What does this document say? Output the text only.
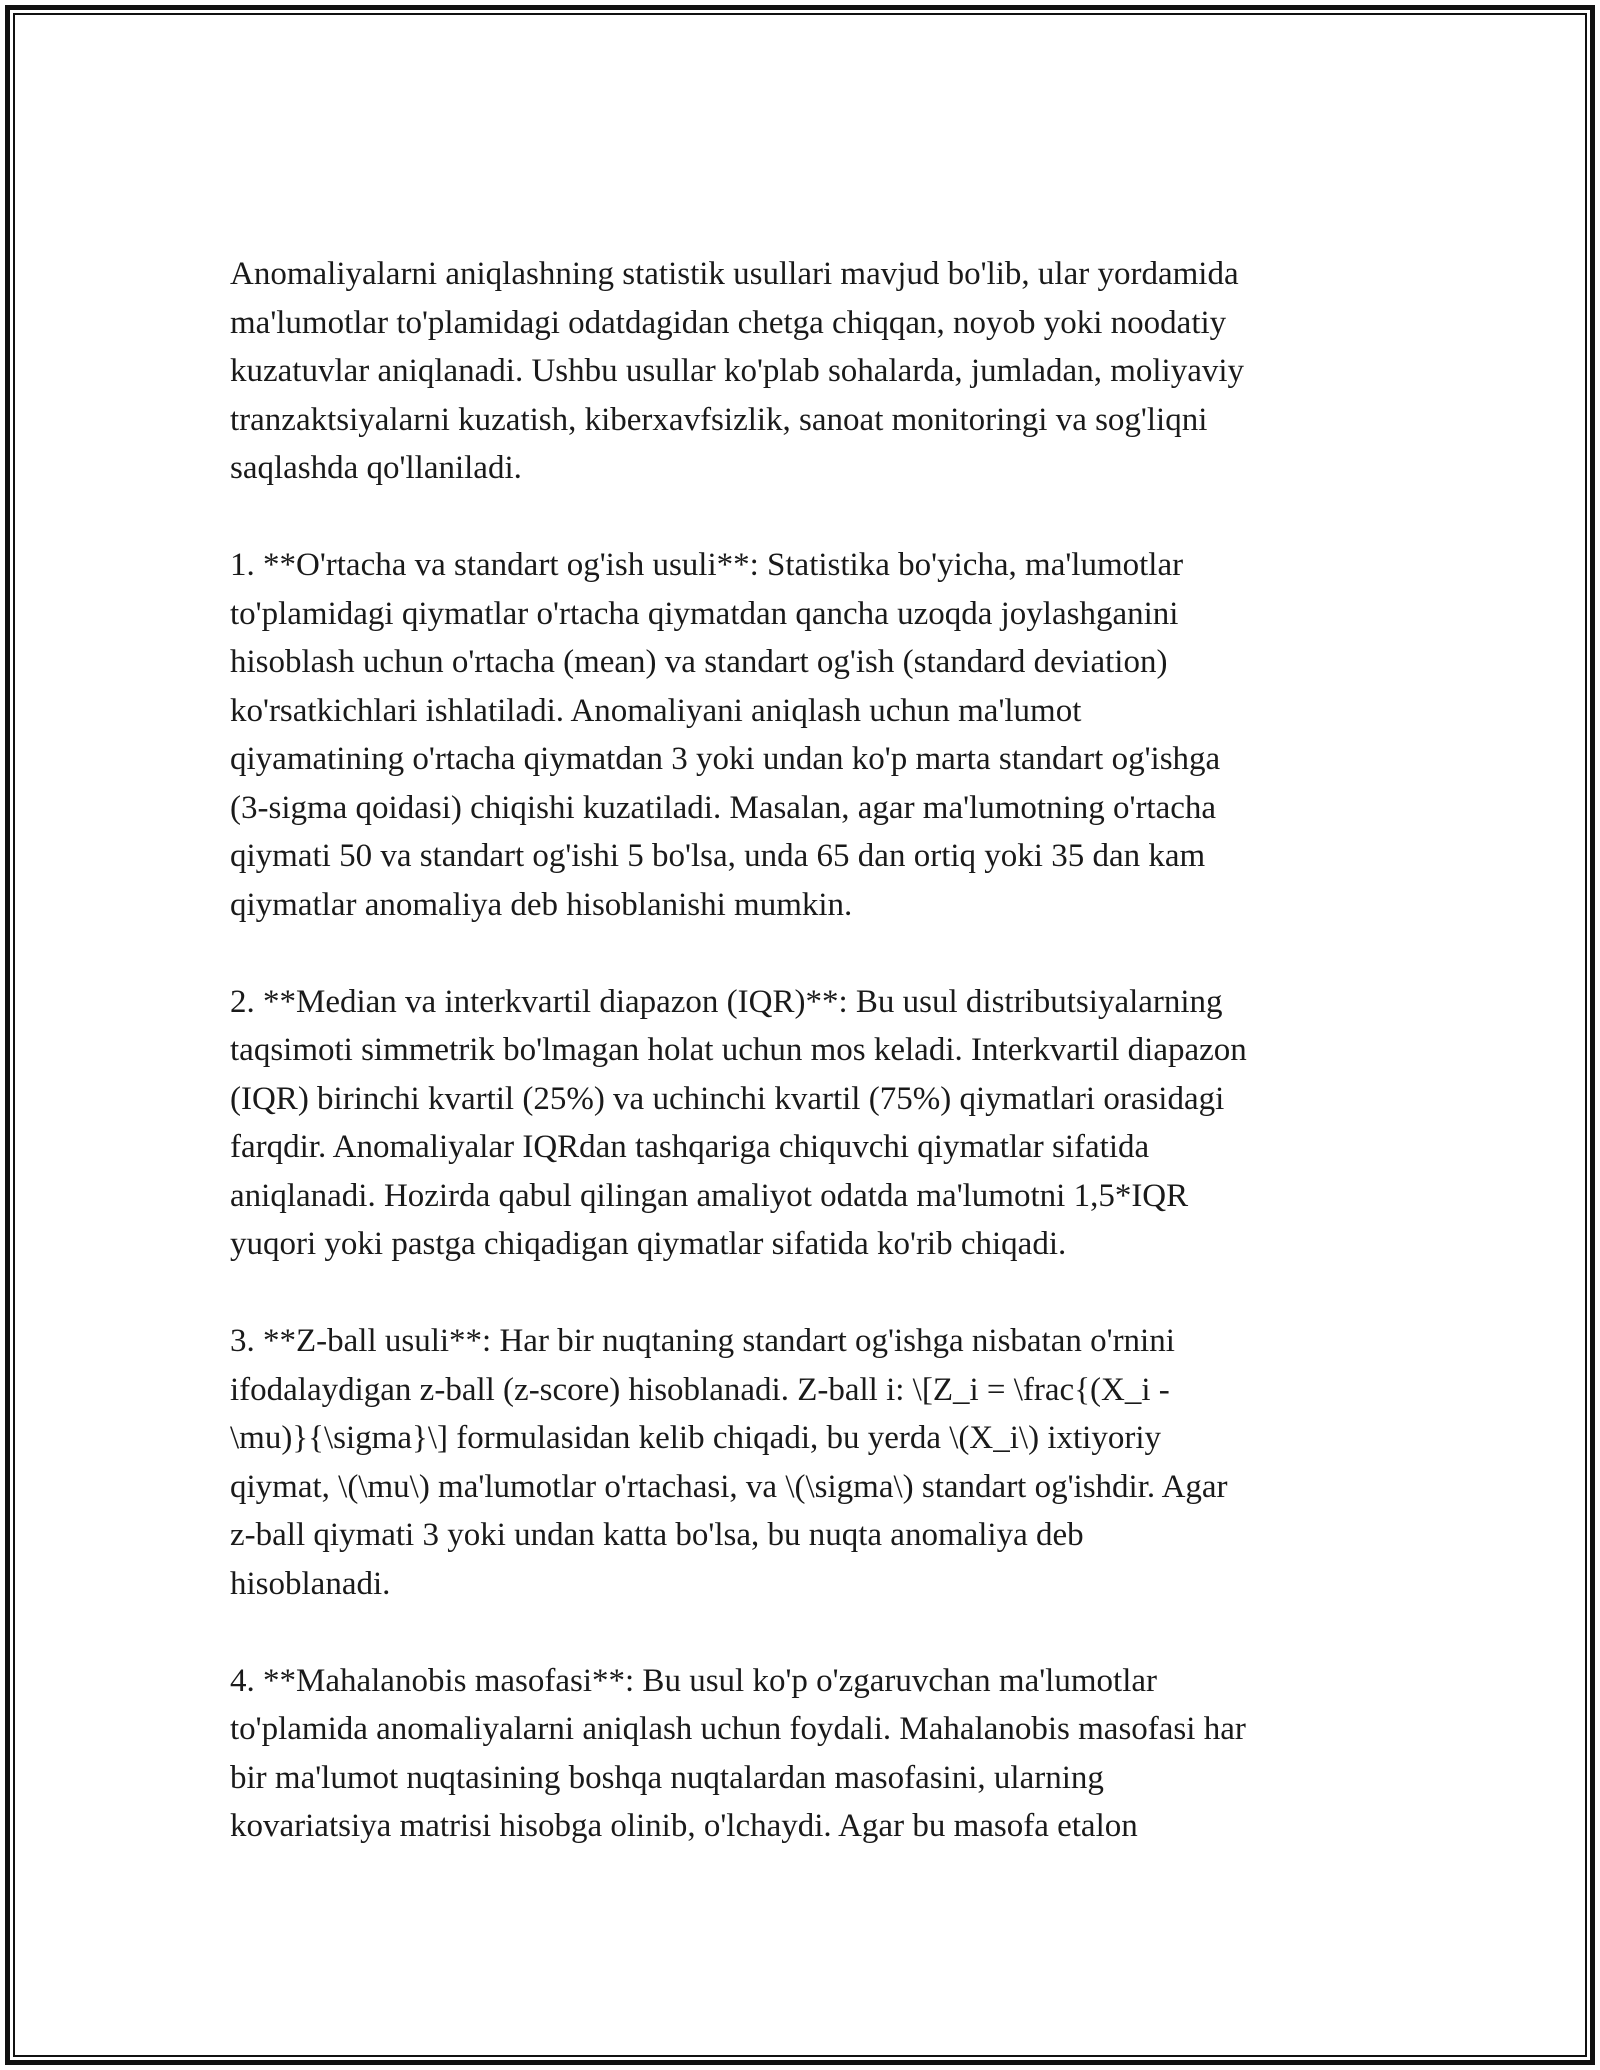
Anomaliyalarni aniqlashning statistik usullari mavjud bo'lib, ular yordamida
ma'lumotlar to'plamidagi odatdagidan chetga chiqqan, noyob yoki noodatiy
kuzatuvlar aniqlanadi. Ushbu usullar ko'plab sohalarda, jumladan, moliyaviy
tranzaktsiyalarni kuzatish, kiberxavfsizlik, sanoat monitoringi va sog'liqni
saqlashda qo'llaniladi.

1. **O'rtacha va standart og'ish usuli**: Statistika bo'yicha, ma'lumotlar
to'plamidagi qiymatlar o'rtacha qiymatdan qancha uzoqda joylashganini
hisoblash uchun o'rtacha (mean) va standart og'ish (standard deviation)
ko'rsatkichlari ishlatiladi. Anomaliyani aniqlash uchun ma'lumot
qiyamatining o'rtacha qiymatdan 3 yoki undan ko'p marta standart og'ishga
(3-sigma qoidasi) chiqishi kuzatiladi. Masalan, agar ma'lumotning o'rtacha
qiymati 50 va standart og'ishi 5 bo'lsa, unda 65 dan ortiq yoki 35 dan kam
qiymatlar anomaliya deb hisoblanishi mumkin.

2. **Median va interkvartil diapazon (IQR)**: Bu usul distributsiyalarning
taqsimoti simmetrik bo'lmagan holat uchun mos keladi. Interkvartil diapazon
(IQR) birinchi kvartil (25%) va uchinchi kvartil (75%) qiymatlari orasidagi
farqdir. Anomaliyalar IQRdan tashqariga chiquvchi qiymatlar sifatida
aniqlanadi. Hozirda qabul qilingan amaliyot odatda ma'lumotni 1,5*IQR
yuqori yoki pastga chiqadigan qiymatlar sifatida ko'rib chiqadi.

3. **Z-ball usuli**: Har bir nuqtaning standart og'ishga nisbatan o'rnini
ifodalaydigan z-ball (z-score) hisoblanadi. Z-ball i: \[Z_i = \frac{(X_i -
\mu)}{\sigma}\] formulasidan kelib chiqadi, bu yerda \(X_i\) ixtiyoriy
qiymat, \(\mu\) ma'lumotlar o'rtachasi, va \(\sigma\) standart og'ishdir. Agar
z-ball qiymati 3 yoki undan katta bo'lsa, bu nuqta anomaliya deb
hisoblanadi.

4. **Mahalanobis masofasi**: Bu usul ko'p o'zgaruvchan ma'lumotlar
to'plamida anomaliyalarni aniqlash uchun foydali. Mahalanobis masofasi har
bir ma'lumot nuqtasining boshqa nuqtalardan masofasini, ularning
kovariatsiya matrisi hisobga olinib, o'lchaydi. Agar bu masofa etalon
